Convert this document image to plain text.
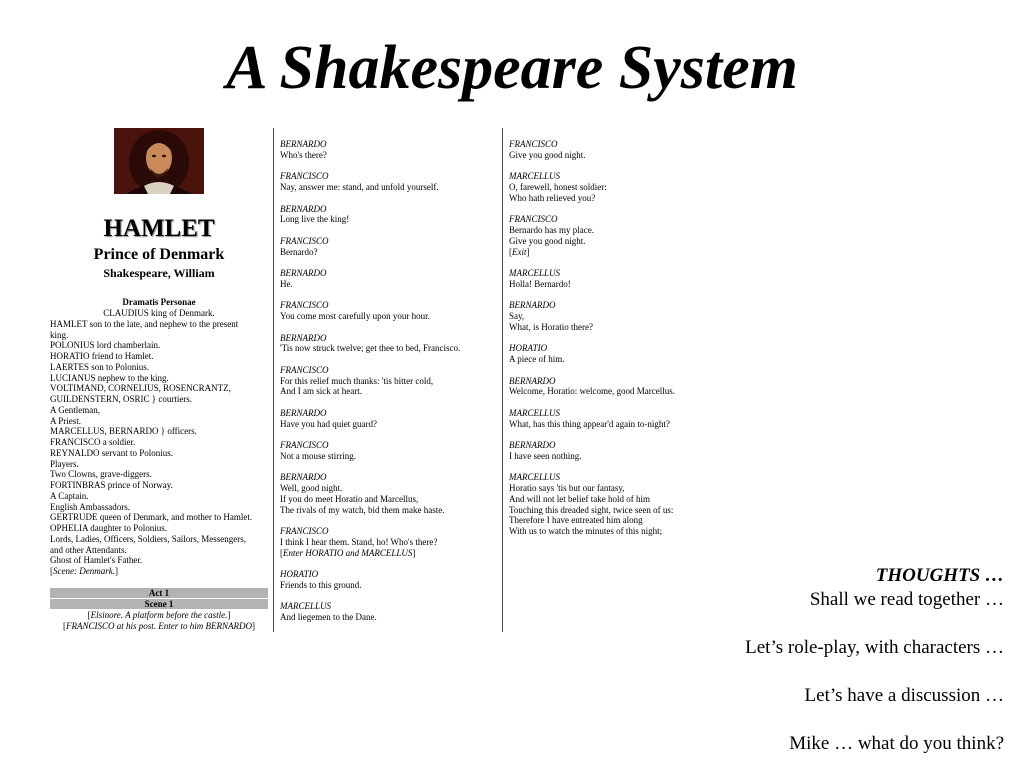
A Shakespeare System
HAMLET
Prince of Denmark
Shakespeare, William
Dramatis Personae
CLAUDIUS king of Denmark.
HAMLET son to the late, and nephew to the present
king.
POLONIUS lord chamberlain.
HORATIO friend to Hamlet.
LAERTES son to Polonius.
LUCIANUS nephew to the king.
VOLTIMAND, CORNELIUS, ROSENCRANTZ,
GUILDENSTERN, OSRIC } courtiers.
A Gentleman,
A Priest.
MARCELLUS, BERNARDO } officers.
FRANCISCO a soldier.
REYNALDO servant to Polonius.
Players.
Two Clowns, grave-diggers.
FORTINBRAS prince of Norway.
A Captain.
English Ambassadors.
GERTRUDE queen of Denmark, and mother to Hamlet.
OPHELIA daughter to Polonius.
Lords, Ladies, Officers, Soldiers, Sailors, Messengers,
and other Attendants.
Ghost of Hamlet's Father.
[Scene: Denmark.]
Act 1
Scene 1
[Elsinore. A platform before the castle.]
[FRANCISCO at his post. Enter to him BERNARDO]
BERNARDO
Who's there?
FRANCISCO
Nay, answer me: stand, and unfold yourself.
BERNARDO
Long live the king!
FRANCISCO
Bernardo?
BERNARDO
He.
FRANCISCO
You come most carefully upon your hour.
BERNARDO
'Tis now struck twelve; get thee to bed, Francisco.
FRANCISCO
For this relief much thanks: 'tis bitter cold,
And I am sick at heart.
BERNARDO
Have you had quiet guard?
FRANCISCO
Not a mouse stirring.
BERNARDO
Well, good night.
If you do meet Horatio and Marcellus,
The rivals of my watch, bid them make haste.
FRANCISCO
I think I hear them. Stand, ho! Who's there?
[Enter HORATIO and MARCELLUS]
HORATIO
Friends to this ground.
MARCELLUS
And liegemen to the Dane.
FRANCISCO
Give you good night.
MARCELLUS
O, farewell, honest soldier:
Who hath relieved you?
FRANCISCO
Bernardo has my place.
Give you good night.
[Exit]
MARCELLUS
Holla! Bernardo!
BERNARDO
Say,
What, is Horatio there?
HORATIO
A piece of him.
BERNARDO
Welcome, Horatio: welcome, good Marcellus.
MARCELLUS
What, has this thing appear'd again to-night?
BERNARDO
I have seen nothing.
MARCELLUS
Horatio says 'tis but our fantasy,
And will not let belief take hold of him
Touching this dreaded sight, twice seen of us:
Therefore I have entreated him along
With us to watch the minutes of this night;
THOUGHTS …
Shall we read together …
Let’s role-play, with characters …
Let’s have a discussion …
Mike … what do you think?
